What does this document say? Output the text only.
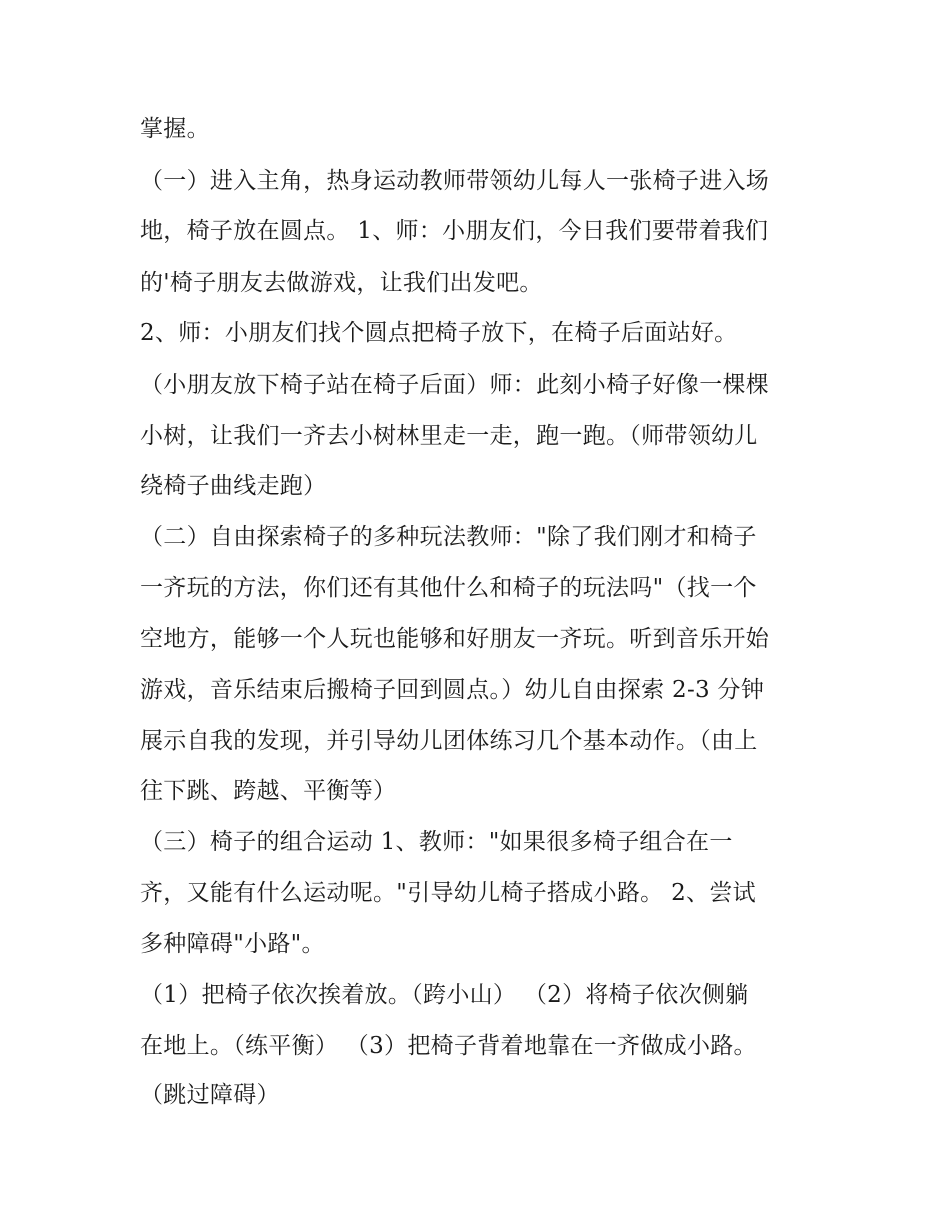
掌握。
（一）进入主角，热身运动教师带领幼儿每人一张椅子进入场
地，椅子放在圆点。 1、师：小朋友们，今日我们要带着我们
的'椅子朋友去做游戏，让我们出发吧。
2、师：小朋友们找个圆点把椅子放下，在椅子后面站好。
（小朋友放下椅子站在椅子后面）师：此刻小椅子好像一棵棵
小树，让我们一齐去小树林里走一走，跑一跑。（师带领幼儿
绕椅子曲线走跑）
（二）自由探索椅子的多种玩法教师："除了我们刚才和椅子
一齐玩的方法，你们还有其他什么和椅子的玩法吗"（找一个
空地方，能够一个人玩也能够和好朋友一齐玩。听到音乐开始
游戏，音乐结束后搬椅子回到圆点。）幼儿自由探索 2-3 分钟
展示自我的发现，并引导幼儿团体练习几个基本动作。（由上
往下跳、跨越、平衡等）
（三）椅子的组合运动 1、教师："如果很多椅子组合在一
齐，又能有什么运动呢。"引导幼儿椅子搭成小路。 2、尝试
多种障碍"小路"。
（1）把椅子依次挨着放。（跨小山） （2）将椅子依次侧躺
在地上。（练平衡） （3）把椅子背着地靠在一齐做成小路。
（跳过障碍）
